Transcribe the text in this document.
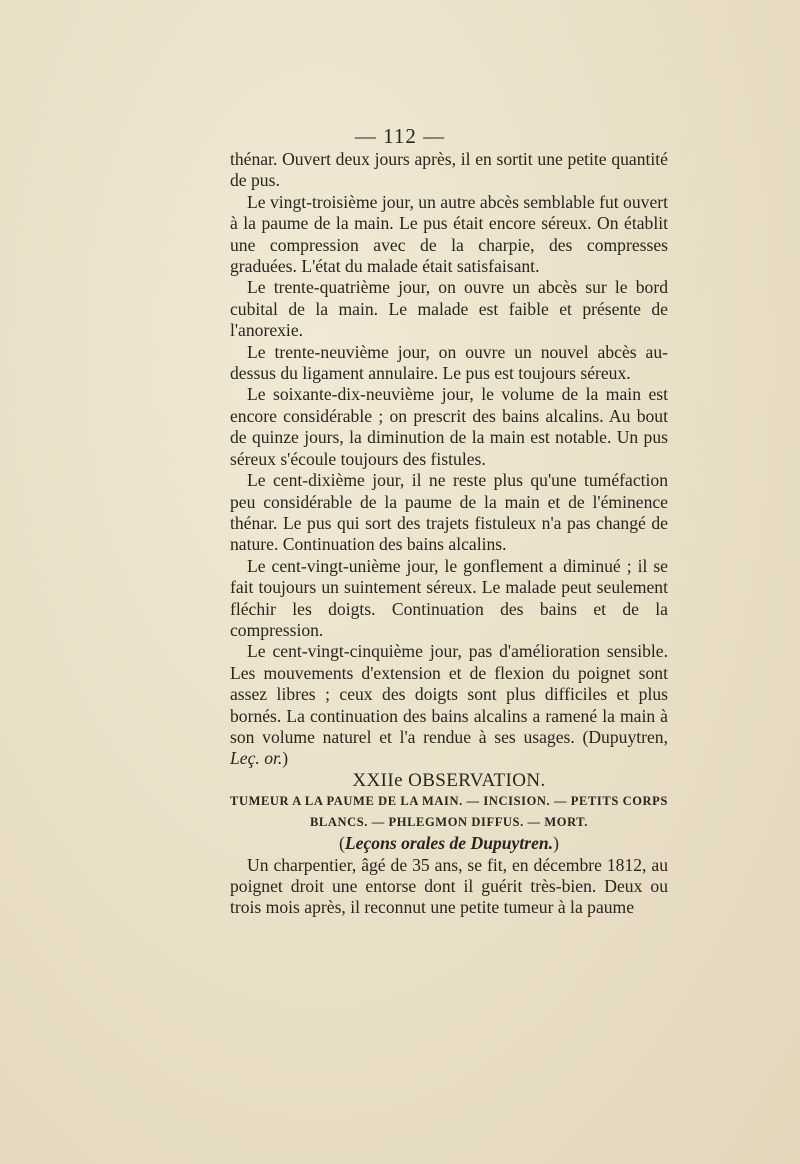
— 112 —

thénar. Ouvert deux jours après, il en sortit une petite quantité de pus.

Le vingt-troisième jour, un autre abcès semblable fut ouvert à la paume de la main. Le pus était encore séreux. On établit une compression avec de la charpie, des compresses graduées. L'état du malade était satisfaisant.

Le trente-quatrième jour, on ouvre un abcès sur le bord cubital de la main. Le malade est faible et présente de l'anorexie.

Le trente-neuvième jour, on ouvre un nouvel abcès au-dessus du ligament annulaire. Le pus est toujours séreux.

Le soixante-dix-neuvième jour, le volume de la main est encore considérable ; on prescrit des bains alcalins. Au bout de quinze jours, la diminution de la main est notable. Un pus séreux s'écoule toujours des fistules.

Le cent-dixième jour, il ne reste plus qu'une tuméfaction peu considérable de la paume de la main et de l'éminence thénar. Le pus qui sort des trajets fistuleux n'a pas changé de nature. Continuation des bains alcalins.

Le cent-vingt-unième jour, le gonflement a diminué ; il se fait toujours un suintement séreux. Le malade peut seulement fléchir les doigts. Continuation des bains et de la compression.

Le cent-vingt-cinquième jour, pas d'amélioration sensible. Les mouvements d'extension et de flexion du poignet sont assez libres ; ceux des doigts sont plus difficiles et plus bornés. La continuation des bains alcalins a ramené la main à son volume naturel et l'a rendue à ses usages. (Dupuytren, Leç. or.)

XXIIe OBSERVATION.

TUMEUR A LA PAUME DE LA MAIN. — INCISION. — PETITS CORPS BLANCS. — PHLEGMON DIFFUS. — MORT.

(Leçons orales de Dupuytren.)

Un charpentier, âgé de 35 ans, se fit, en décembre 1812, au poignet droit une entorse dont il guérit très-bien. Deux ou trois mois après, il reconnut une petite tumeur à la paume
